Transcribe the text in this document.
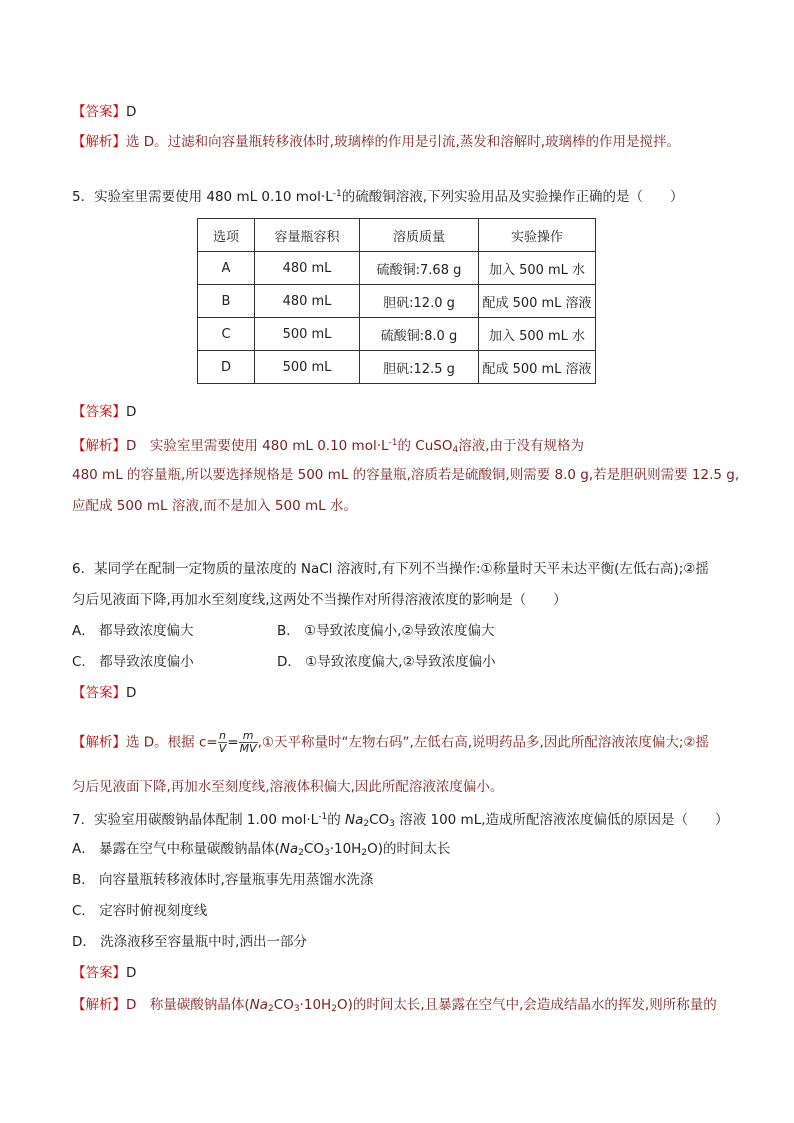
【答案】D
【解析】选 D。过滤和向容量瓶转移液体时,玻璃棒的作用是引流,蒸发和溶解时,玻璃棒的作用是搅拌。
5．实验室里需要使用 480 mL 0.10 $mol\cdot L^{-1}$的硫酸铜溶液,下列实验用品及实验操作正确的是（　　）
选项	容量瓶容积	溶质质量	实验操作
A	480 mL	硫酸铜:7.68 g	加入 500 mL 水
B	480 mL	胆矾:12.0 g	配成 500 mL 溶液
C	500 mL	硫酸铜:8.0 g	加入 500 mL 水
D	500 mL	胆矾:12.5 g	配成 500 mL 溶液
【答案】D
【解析】D　实验室里需要使用 480 mL 0.10 $mol\cdot L^{-1}$的 CuSO$_4$溶液,由于没有规格为
480 mL 的容量瓶,所以要选择规格是 500 mL 的容量瓶,溶质若是硫酸铜,则需要 8.0 g,若是胆矾则需要 12.5 g,
应配成 500 mL 溶液,而不是加入 500 mL 水。
6．某同学在配制一定物质的量浓度的 NaCl 溶液时,有下列不当操作:①称量时天平未达平衡(左低右高);②摇
匀后见液面下降,再加水至刻度线,这两处不当操作对所得溶液浓度的影响是（　　）
A． 都导致浓度偏大	B． ①导致浓度偏小,②导致浓度偏大
C． 都导致浓度偏小	D． ①导致浓度偏大,②导致浓度偏小
【答案】D
【解析】选 D。根据 $c= \frac{n}{V} = \frac{m}{MV}$ ,①天平称量时“左物右码”,左低右高,说明药品多,因此所配溶液浓度偏大;②摇
匀后见液面下降,再加水至刻度线,溶液体积偏大,因此所配溶液浓度偏小。
7．实验室用碳酸钠晶体配制 1.00 $mol\cdot L^{-1}$的 $Na_2CO_3$ 溶液 100 mL,造成所配溶液浓度偏低的原因是（　　）
A． 暴露在空气中称量碳酸钠晶体$(Na_2CO_3\cdot 10H_2O)$的时间太长
B． 向容量瓶转移液体时,容量瓶事先用蒸馏水洗涤
C． 定容时俯视刻度线
D． 洗涤液移至容量瓶中时,洒出一部分
【答案】D
【解析】D　称量碳酸钠晶体$(Na_2CO_3\cdot 10H_2O)$的时间太长,且暴露在空气中,会造成结晶水的挥发,则所称量的
